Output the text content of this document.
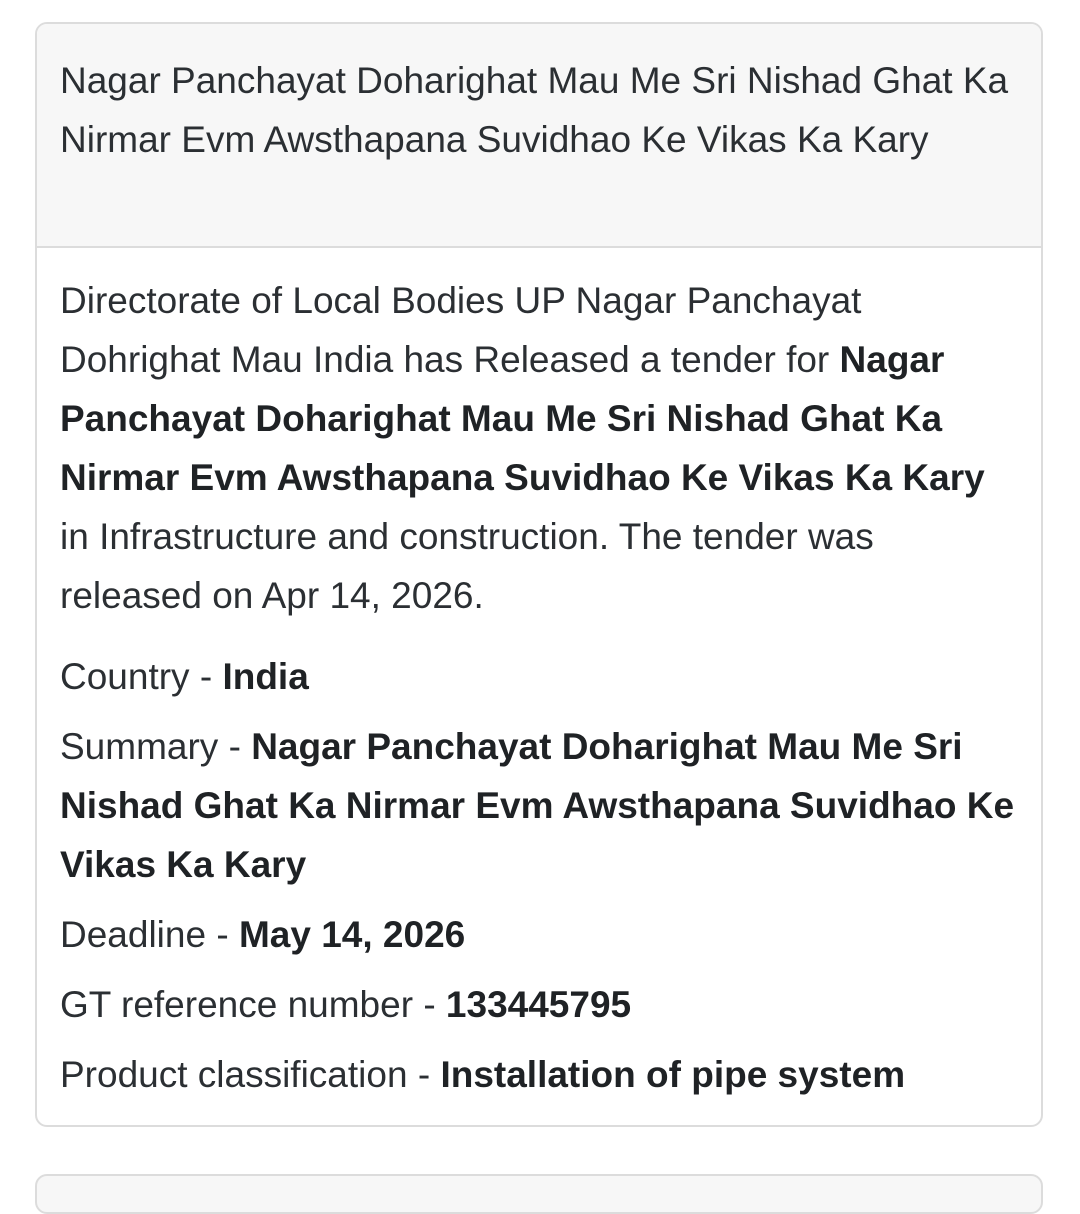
Nagar Panchayat Doharighat Mau Me Sri Nishad Ghat Ka Nirmar Evm Awsthapana Suvidhao Ke Vikas Ka Kary

Directorate of Local Bodies UP Nagar Panchayat Dohrighat Mau India has Released a tender for Nagar Panchayat Doharighat Mau Me Sri Nishad Ghat Ka Nirmar Evm Awsthapana Suvidhao Ke Vikas Ka Kary in Infrastructure and construction. The tender was released on Apr 14, 2026.

Country - India

Summary - Nagar Panchayat Doharighat Mau Me Sri Nishad Ghat Ka Nirmar Evm Awsthapana Suvidhao Ke Vikas Ka Kary

Deadline - May 14, 2026

GT reference number - 133445795

Product classification - Installation of pipe system
